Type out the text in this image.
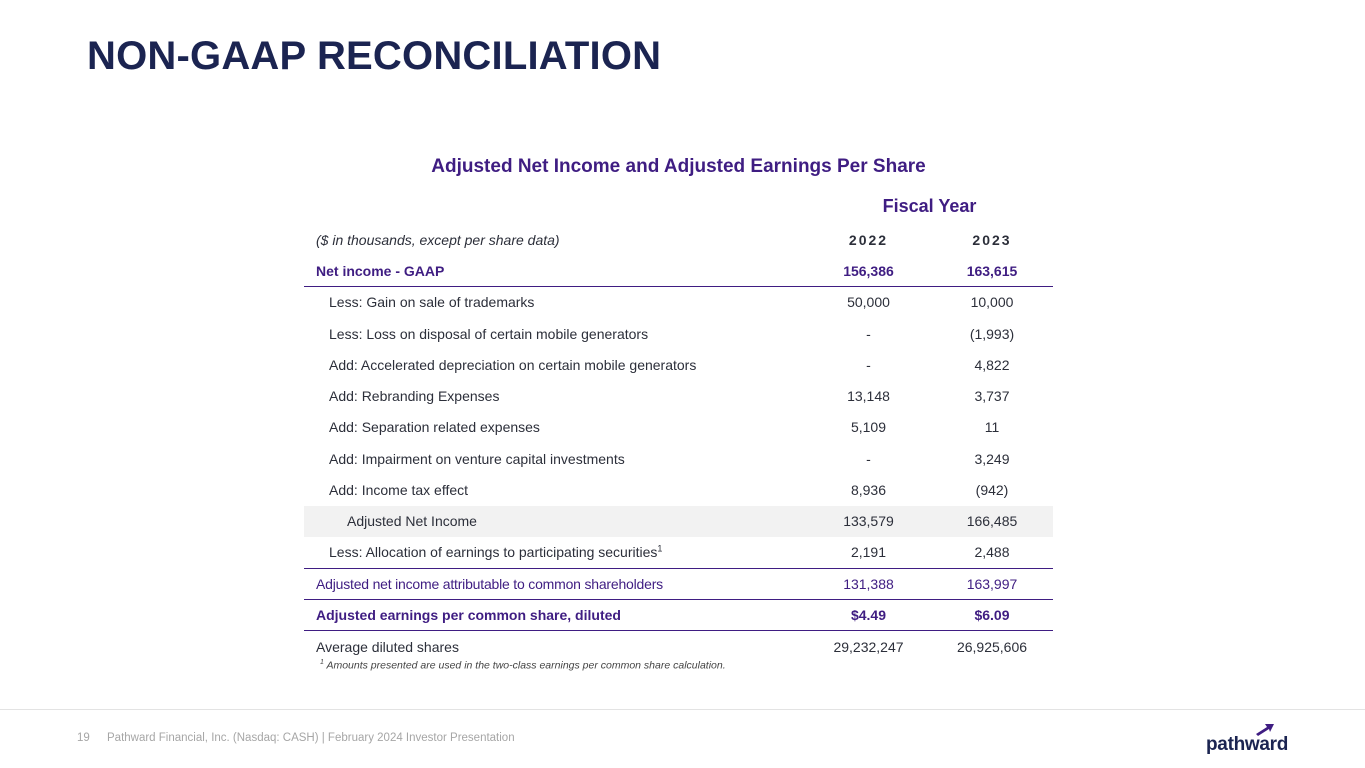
NON-GAAP RECONCILIATION
Adjusted Net Income and Adjusted Earnings Per Share
Fiscal Year
($ in thousands, except per share data)	2022	2023
Net income - GAAP	156,386	163,615
Less: Gain on sale of trademarks	50,000	10,000
Less: Loss on disposal of certain mobile generators	-	(1,993)
Add: Accelerated depreciation on certain mobile generators	-	4,822
Add: Rebranding Expenses	13,148	3,737
Add: Separation related expenses	5,109	11
Add: Impairment on venture capital investments	-	3,249
Add: Income tax effect	8,936	(942)
Adjusted Net Income	133,579	166,485
Less: Allocation of earnings to participating securities$^1$	2,191	2,488
Adjusted net income attributable to common shareholders	131,388	163,997
Adjusted earnings per common share, diluted	$4.49	$6.09
Average diluted shares	29,232,247	26,925,606
$^1$ Amounts presented are used in the two-class earnings per common share calculation.
19 Pathward Financial, Inc. (Nasdaq: CASH) | February 2024 Investor Presentation	pathward
